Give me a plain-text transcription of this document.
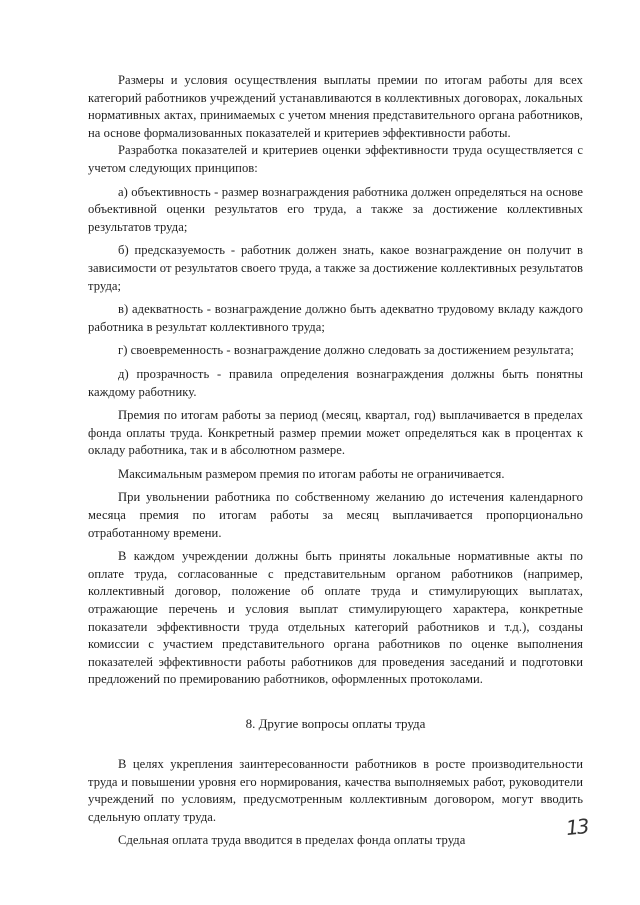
Размеры и условия осуществления выплаты премии по итогам работы для всех категорий работников учреждений устанавливаются в коллективных договорах, локальных нормативных актах, принимаемых с учетом мнения представительного органа работников, на основе формализованных показателей и критериев эффективности работы.

Разработка показателей и критериев оценки эффективности труда осуществляется с учетом следующих принципов:

а) объективность - размер вознаграждения работника должен определяться на основе объективной оценки результатов его труда, а также за достижение коллективных результатов труда;

б) предсказуемость - работник должен знать, какое вознаграждение он получит в зависимости от результатов своего труда, а также за достижение коллективных результатов труда;

в) адекватность - вознаграждение должно быть адекватно трудовому вкладу каждого работника в результат коллективного труда;

г) своевременность - вознаграждение должно следовать за достижением результата;

д) прозрачность - правила определения вознаграждения должны быть понятны каждому работнику.

Премия по итогам работы за период (месяц, квартал, год) выплачивается в пределах фонда оплаты труда. Конкретный размер премии может определяться как в процентах к окладу работника, так и в абсолютном размере.

Максимальным размером премия по итогам работы не ограничивается.

При увольнении работника по собственному желанию до истечения календарного месяца премия по итогам работы за месяц выплачивается пропорционально отработанному времени.

В каждом учреждении должны быть приняты локальные нормативные акты по оплате труда, согласованные с представительным органом работников (например, коллективный договор, положение об оплате труда и стимулирующих выплатах, отражающие перечень и условия выплат стимулирующего характера, конкретные показатели эффективности труда отдельных категорий работников и т.д.), созданы комиссии с участием представительного органа работников по оценке выполнения показателей эффективности работы работников для проведения заседаний и подготовки предложений по премированию работников, оформленных протоколами.

8. Другие вопросы оплаты труда

В целях укрепления заинтересованности работников в росте производительности труда и повышении уровня его нормирования, качества выполняемых работ, руководители учреждений по условиям, предусмотренным коллективным договором, могут вводить сдельную оплату труда.

Сдельная оплата труда вводится в пределах фонда оплаты труда

13
